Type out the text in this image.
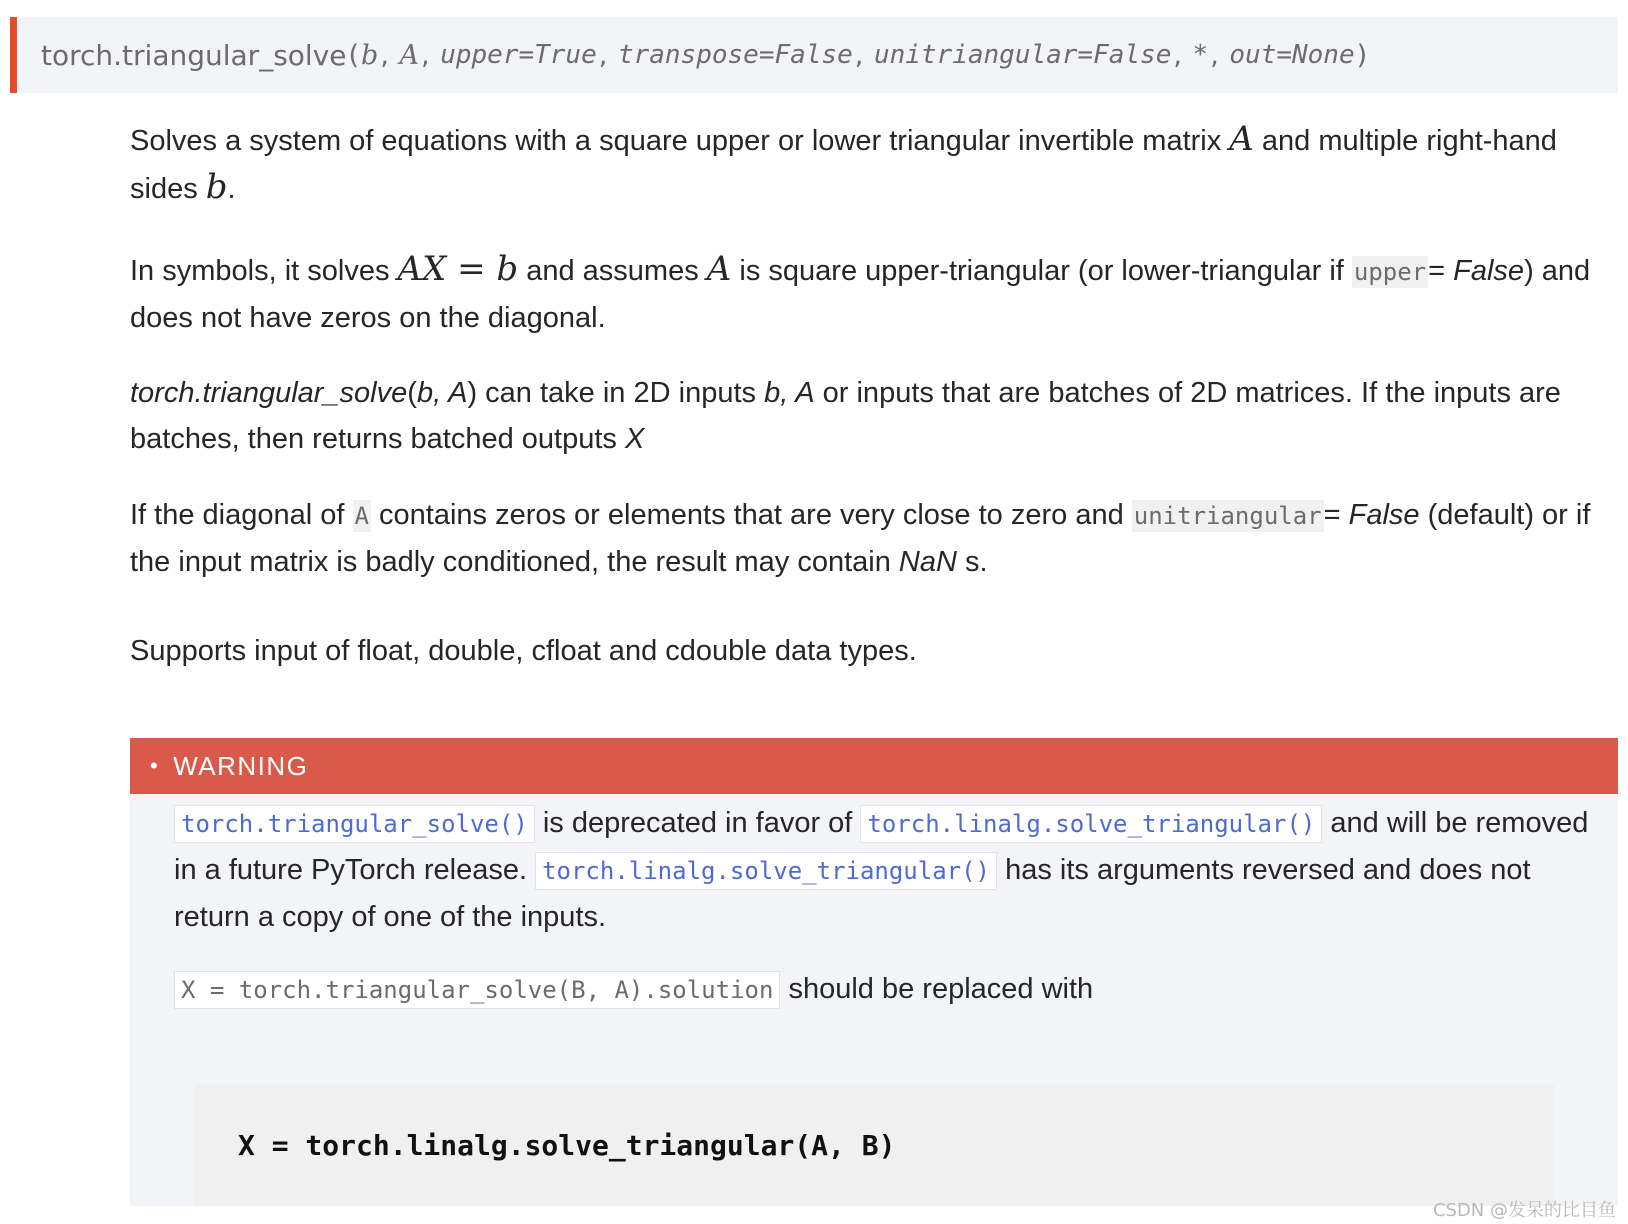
torch.triangular_solve ( b ,
A ,
upper=True ,
transpose=False ,
unitriangular=False ,
* ,
out=None )
Solves a system of equations with a square upper or lower triangular invertible matrix A and multiple right-hand sides b.
In symbols, it solves AX = b and assumes A is square upper-triangular (or lower-triangular if upper= False) and does not have zeros on the diagonal.
torch.triangular_solve(b, A) can take in 2D inputs b, A or inputs that are batches of 2D matrices. If the inputs are batches, then returns batched outputs X
If the diagonal of A contains zeros or elements that are very close to zero and unitriangular= False (default) or if the input matrix is badly conditioned, the result may contain NaN s.
Supports input of float, double, cfloat and cdouble data types.
• WARNING
torch.triangular_solve() is deprecated in favor of torch.linalg.solve_triangular() and will be removed in a future PyTorch release. torch.linalg.solve_triangular() has its arguments reversed and does not return a copy of one of the inputs.
X = torch.triangular_solve(B, A).solution should be replaced with
X = torch.linalg.solve_triangular(A, B)
CSDN @发呆的比目鱼
